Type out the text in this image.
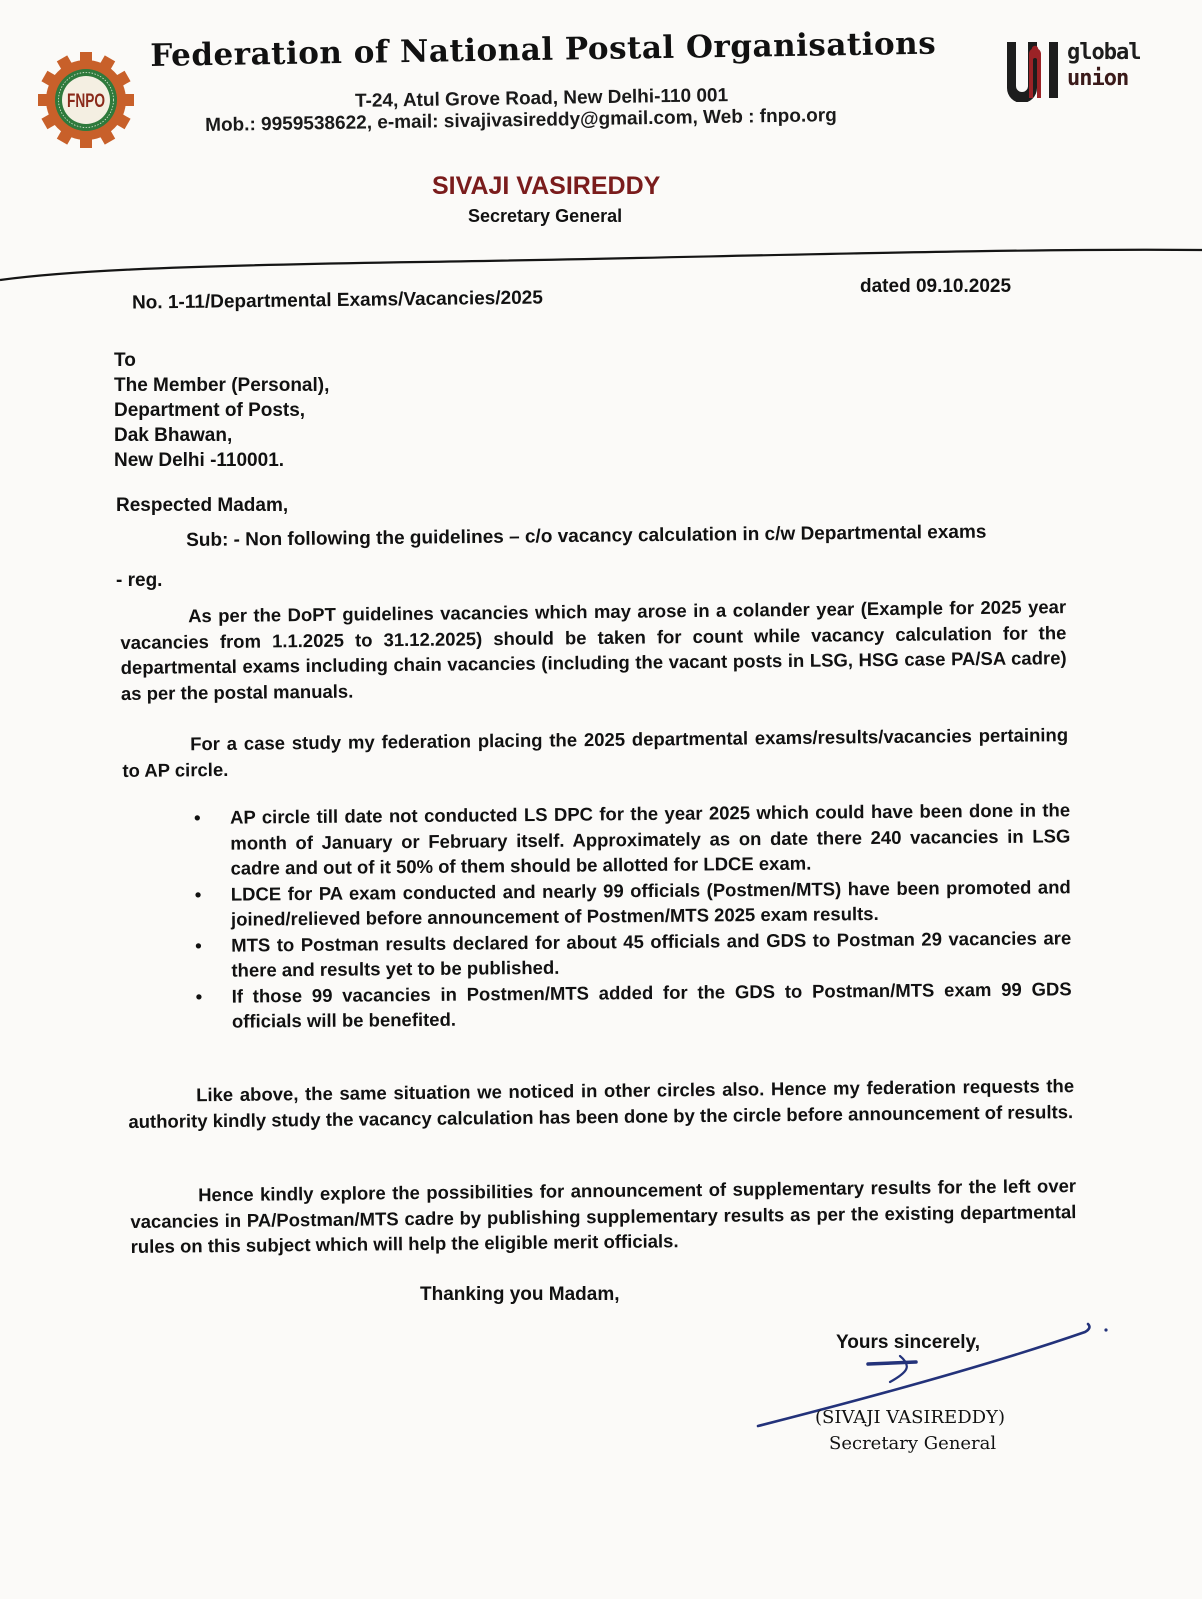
FNPO
Federation of National Postal Organisations
T-24, Atul Grove Road, New Delhi-110 001
Mob.: 9959538622, e-mail: sivajivasireddy@gmail.com, Web : fnpo.org
global
union
SIVAJI VASIREDDY
Secretary General
No. 1-11/Departmental Exams/Vacancies/2025
dated 09.10.2025
To
The Member (Personal),
Department of Posts,
Dak Bhawan,
New Delhi -110001.
Respected Madam,
Sub: - Non following the guidelines – c/o vacancy calculation in c/w Departmental exams
- reg.
As per the DoPT guidelines vacancies which may arose in a colander year (Example for 2025 year vacancies from 1.1.2025 to 31.12.2025) should be taken for count while vacancy calculation for the departmental exams including chain vacancies (including the vacant posts in LSG, HSG case PA/SA cadre) as per the postal manuals.
For a case study my federation placing the 2025 departmental exams/results/vacancies pertaining to AP circle.
• AP circle till date not conducted LS DPC for the year 2025 which could have been done in the month of January or February itself. Approximately as on date there 240 vacancies in LSG cadre and out of it 50% of them should be allotted for LDCE exam.
• LDCE for PA exam conducted and nearly 99 officials (Postmen/MTS) have been promoted and joined/relieved before announcement of Postmen/MTS 2025 exam results.
• MTS to Postman results declared for about 45 officials and GDS to Postman 29 vacancies are there and results yet to be published.
• If those 99 vacancies in Postmen/MTS added for the GDS to Postman/MTS exam 99 GDS officials will be benefited.
Like above, the same situation we noticed in other circles also. Hence my federation requests the authority kindly study the vacancy calculation has been done by the circle before announcement of results.
Hence kindly explore the possibilities for announcement of supplementary results for the left over vacancies in PA/Postman/MTS cadre by publishing supplementary results as per the existing departmental rules on this subject which will help the eligible merit officials.
Thanking you Madam,
Yours sincerely,
(SIVAJI VASIREDDY)
Secretary General
